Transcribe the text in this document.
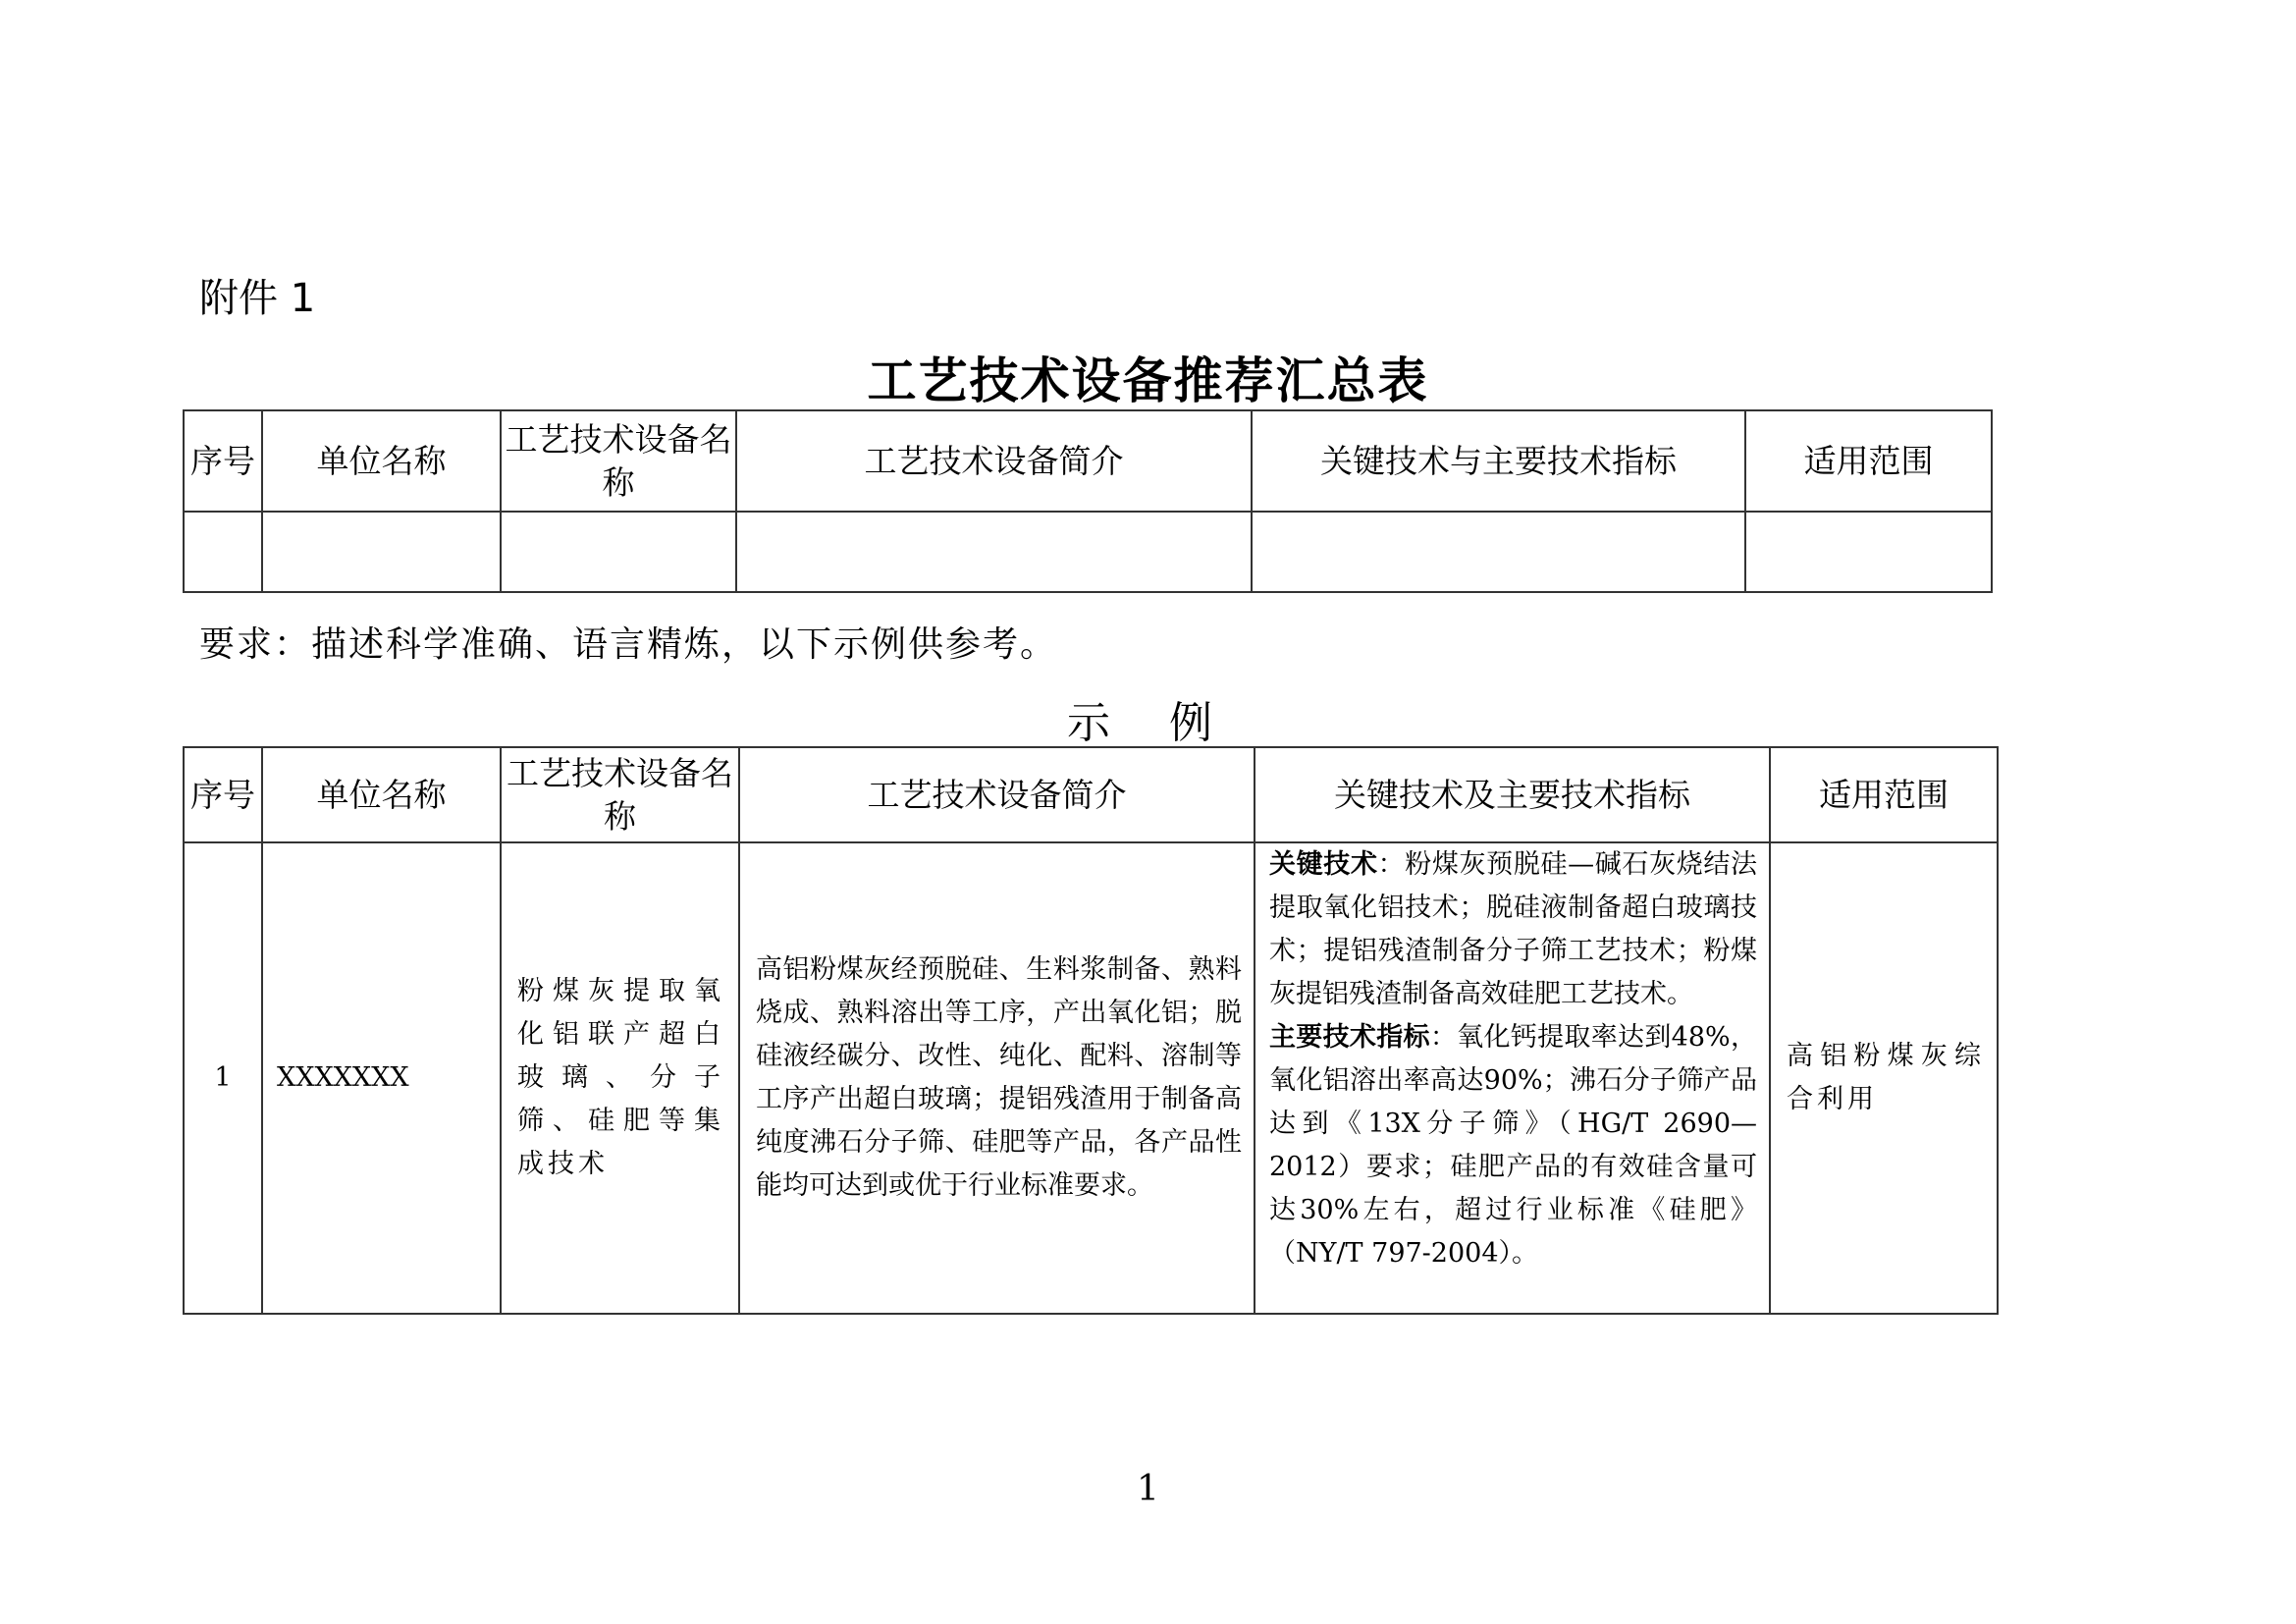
附件 1
工艺技术设备推荐汇总表
序号	单位名称	工艺技术设备名称	工艺技术设备简介	关键技术与主要技术指标	适用范围

要求：描述科学准确、语言精炼，以下示例供参考。
示例
序号	单位名称	工艺技术设备名称	工艺技术设备简介	关键技术及主要技术指标	适用范围
1	XXXXXXX	粉煤灰提取氧化铝联产超白玻璃、分子筛、硅肥等集成技术	高铝粉煤灰经预脱硅、生料浆制备、熟料烧成、熟料溶出等工序，产出氧化铝；脱硅液经碳分、改性、纯化、配料、溶制等工序产出超白玻璃；提铝残渣用于制备高纯度沸石分子筛、硅肥等产品，各产品性能均可达到或优于行业标准要求。	关键技术：粉煤灰预脱硅—碱石灰烧结法提取氧化铝技术；脱硅液制备超白玻璃技术；提铝残渣制备分子筛工艺技术；粉煤灰提铝残渣制备高效硅肥工艺技术。
主要技术指标：氧化钙提取率达到48%，氧化铝溶出率高达90%；沸石分子筛产品达到《13X分子筛》（HG/T 2690—2012）要求；硅肥产品的有效硅含量可达30%左右，超过行业标准《硅肥》（NY/T 797-2004）。	高铝粉煤灰综合利用
1
